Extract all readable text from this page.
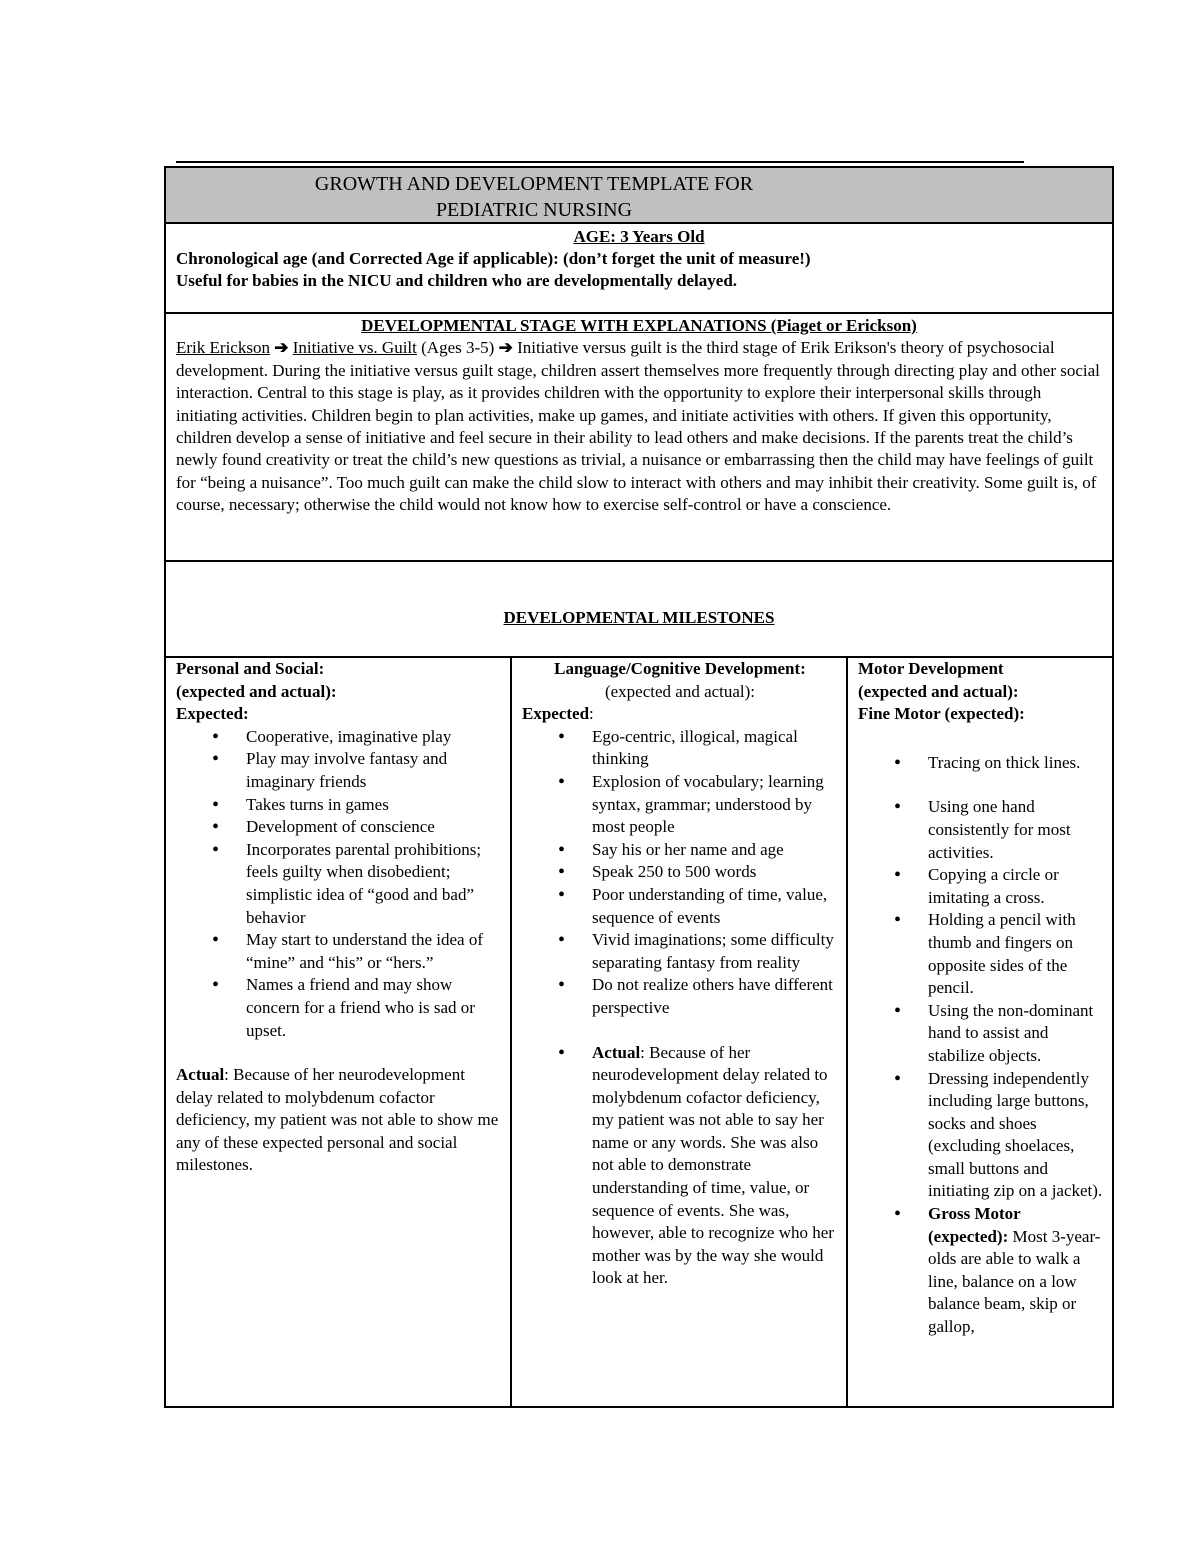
GROWTH AND DEVELOPMENT TEMPLATE FOR
PEDIATRIC NURSING
AGE: 3 Years Old
Chronological age (and Corrected Age if applicable): (don’t forget the unit of measure!)
Useful for babies in the NICU and children who are developmentally delayed.
DEVELOPMENTAL STAGE WITH EXPLANATIONS (Piaget or Erickson)
Erik Erickson ➔ Initiative vs. Guilt (Ages 3-5) ➔ Initiative versus guilt is the third stage of Erik Erikson's theory of psychosocial development. During the initiative versus guilt stage, children assert themselves more frequently through directing play and other social interaction. Central to this stage is play, as it provides children with the opportunity to explore their interpersonal skills through initiating activities. Children begin to plan activities, make up games, and initiate activities with others. If given this opportunity, children develop a sense of initiative and feel secure in their ability to lead others and make decisions. If the parents treat the child’s newly found creativity or treat the child’s new questions as trivial, a nuisance or embarrassing then the child may have feelings of guilt for “being a nuisance”. Too much guilt can make the child slow to interact with others and may inhibit their creativity. Some guilt is, of course, necessary; otherwise the child would not know how to exercise self-control or have a conscience.
DEVELOPMENTAL MILESTONES
Personal and Social:
(expected and actual):
Expected:
• Cooperative, imaginative play
• Play may involve fantasy and imaginary friends
• Takes turns in games
• Development of conscience
• Incorporates parental prohibitions; feels guilty when disobedient; simplistic idea of “good and bad” behavior
• May start to understand the idea of “mine” and “his” or “hers.”
• Names a friend and may show concern for a friend who is sad or upset.
Actual: Because of her neurodevelopment delay related to molybdenum cofactor deficiency, my patient was not able to show me any of these expected personal and social milestones.
Language/Cognitive Development:
(expected and actual):
Expected:
• Ego-centric, illogical, magical thinking
• Explosion of vocabulary; learning syntax, grammar; understood by most people
• Say his or her name and age
• Speak 250 to 500 words
• Poor understanding of time, value, sequence of events
• Vivid imaginations; some difficulty separating fantasy from reality
• Do not realize others have different perspective
• Actual: Because of her neurodevelopment delay related to molybdenum cofactor deficiency, my patient was not able to say her name or any words. She was also not able to demonstrate understanding of time, value, or sequence of events. She was, however, able to recognize who her mother was by the way she would look at her.
Motor Development
(expected and actual):
Fine Motor (expected):
• Tracing on thick lines.
• Using one hand consistently for most activities.
• Copying a circle or imitating a cross.
• Holding a pencil with thumb and fingers on opposite sides of the pencil.
• Using the non-dominant hand to assist and stabilize objects.
• Dressing independently including large buttons, socks and shoes (excluding shoelaces, small buttons and initiating zip on a jacket).
• Gross Motor (expected): Most 3-year-olds are able to walk a line, balance on a low balance beam, skip or gallop,
